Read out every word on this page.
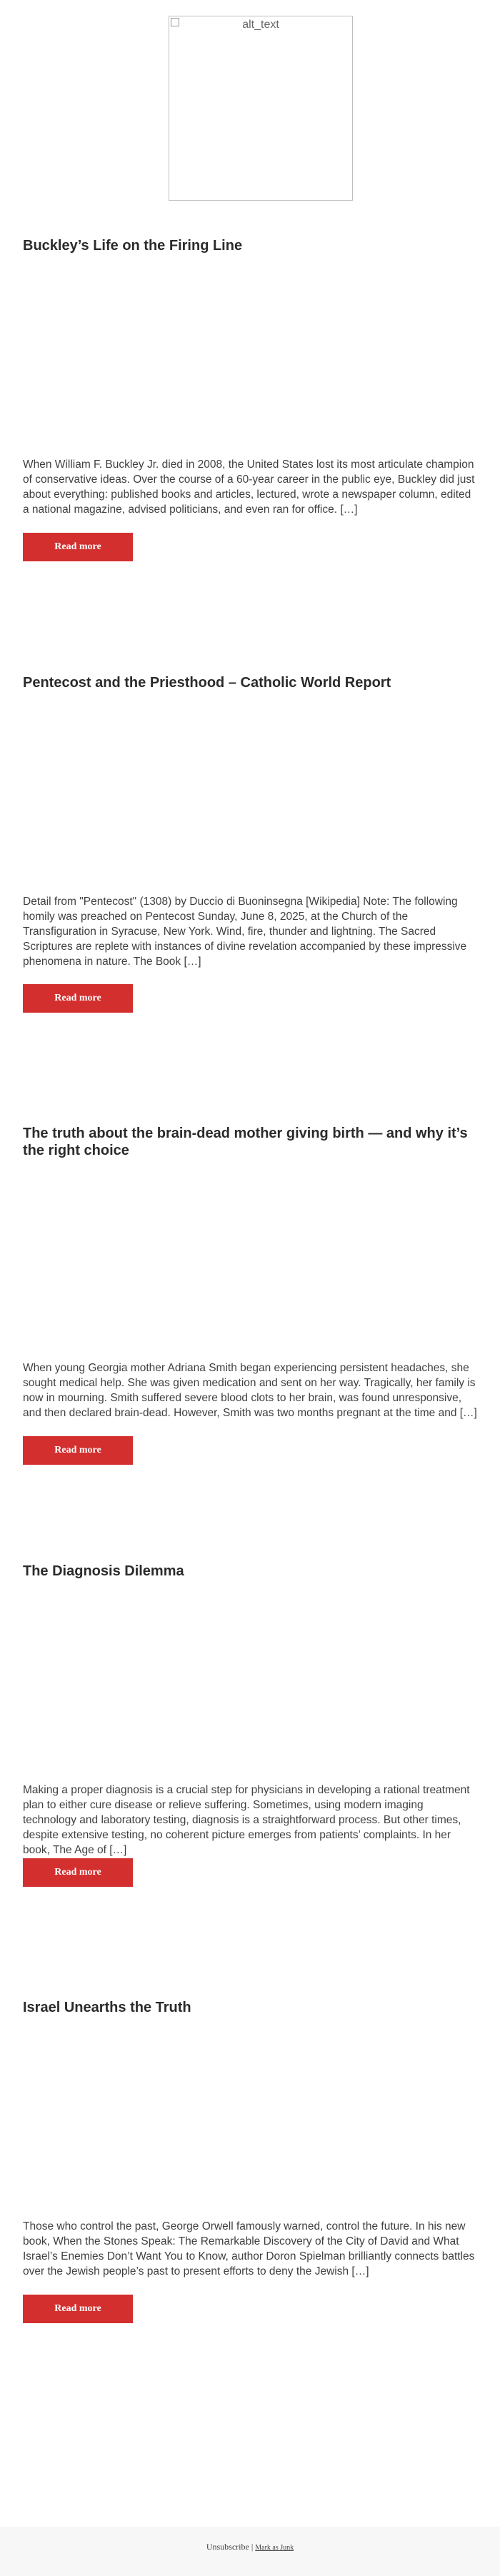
alt_text
Buckley’s Life on the Firing Line

When William F. Buckley Jr. died in 2008, the United States lost its most articulate champion of conservative ideas. Over the course of a 60-year career in the public eye, Buckley did just about everything: published books and articles, lectured, wrote a newspaper column, edited a national magazine, advised politicians, and even ran for office. […]

Read more
Pentecost and the Priesthood – Catholic World Report

Detail from "Pentecost" (1308) by Duccio di Buoninsegna [Wikipedia] Note: The following homily was preached on Pentecost Sunday, June 8, 2025, at the Church of the Transfiguration in Syracuse, New York. Wind, fire, thunder and lightning. The Sacred Scriptures are replete with instances of divine revelation accompanied by these impressive phenomena in nature. The Book […]

Read more
The truth about the brain-dead mother giving birth — and why it’s the right choice

When young Georgia mother Adriana Smith began experiencing persistent headaches, she sought medical help. She was given medication and sent on her way. Tragically, her family is now in mourning. Smith suffered severe blood clots to her brain, was found unresponsive, and then declared brain-dead. However, Smith was two months pregnant at the time and […]

Read more
The Diagnosis Dilemma

Making a proper diagnosis is a crucial step for physicians in developing a rational treatment plan to either cure disease or relieve suffering. Sometimes, using modern imaging technology and laboratory testing, diagnosis is a straightforward process. But other times, despite extensive testing, no coherent picture emerges from patients’ complaints. In her book, The Age of […]

Read more
Israel Unearths the Truth

Those who control the past, George Orwell famously warned, control the future. In his new book, When the Stones Speak: The Remarkable Discovery of the City of David and What Israel’s Enemies Don’t Want You to Know, author Doron Spielman brilliantly connects battles over the Jewish people’s past to present efforts to deny the Jewish […]

Read more
Unsubscribe | Mark as Junk
